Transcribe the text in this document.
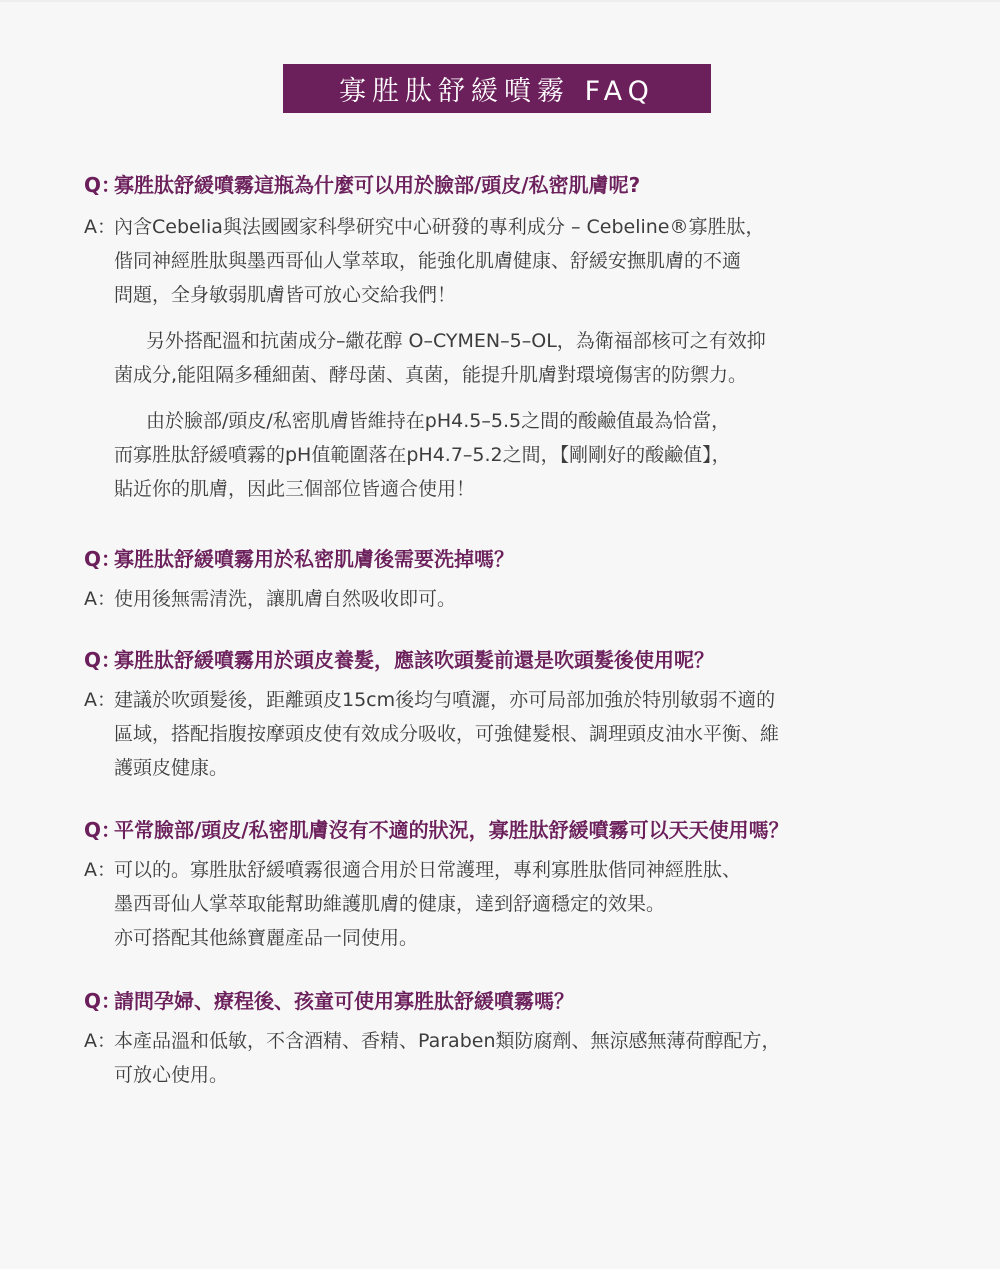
寡胜肽舒緩噴霧 FAQ
Q：
寡胜肽舒緩噴霧這瓶為什麼可以用於臉部/頭皮/私密肌膚呢?
A：
內含Cebelia與法國國家科學研究中心研發的專利成分 – Cebeline®寡胜肽，
偕同神經胜肽與墨西哥仙人掌萃取，能強化肌膚健康、舒緩安撫肌膚的不適
問題，全身敏弱肌膚皆可放心交給我們！
另外搭配溫和抗菌成分–繖花醇 O–CYMEN–5–OL，為衛福部核可之有效抑
菌成分,能阻隔多種細菌、酵母菌、真菌，能提升肌膚對環境傷害的防禦力。
由於臉部/頭皮/私密肌膚皆維持在pH4.5–5.5之間的酸鹼值最為恰當，
而寡胜肽舒緩噴霧的pH值範圍落在pH4.7–5.2之間，【剛剛好的酸鹼值】，
貼近你的肌膚，因此三個部位皆適合使用！
Q：
寡胜肽舒緩噴霧用於私密肌膚後需要洗掉嗎？
A：
使用後無需清洗，讓肌膚自然吸收即可。
Q：
寡胜肽舒緩噴霧用於頭皮養髮，應該吹頭髮前還是吹頭髮後使用呢？
A：
建議於吹頭髮後，距離頭皮15cm後均勻噴灑，亦可局部加強於特別敏弱不適的
區域，搭配指腹按摩頭皮使有效成分吸收，可強健髮根、調理頭皮油水平衡、維
護頭皮健康。
Q：
平常臉部/頭皮/私密肌膚沒有不適的狀況，寡胜肽舒緩噴霧可以天天使用嗎？
A：
可以的。寡胜肽舒緩噴霧很適合用於日常護理，專利寡胜肽偕同神經胜肽、
墨西哥仙人掌萃取能幫助維護肌膚的健康，達到舒適穩定的效果。
亦可搭配其他絲寶麗產品一同使用。
Q：
請問孕婦、療程後、孩童可使用寡胜肽舒緩噴霧嗎？
A：
本產品溫和低敏，不含酒精、香精、Paraben類防腐劑、無涼感無薄荷醇配方，
可放心使用。
